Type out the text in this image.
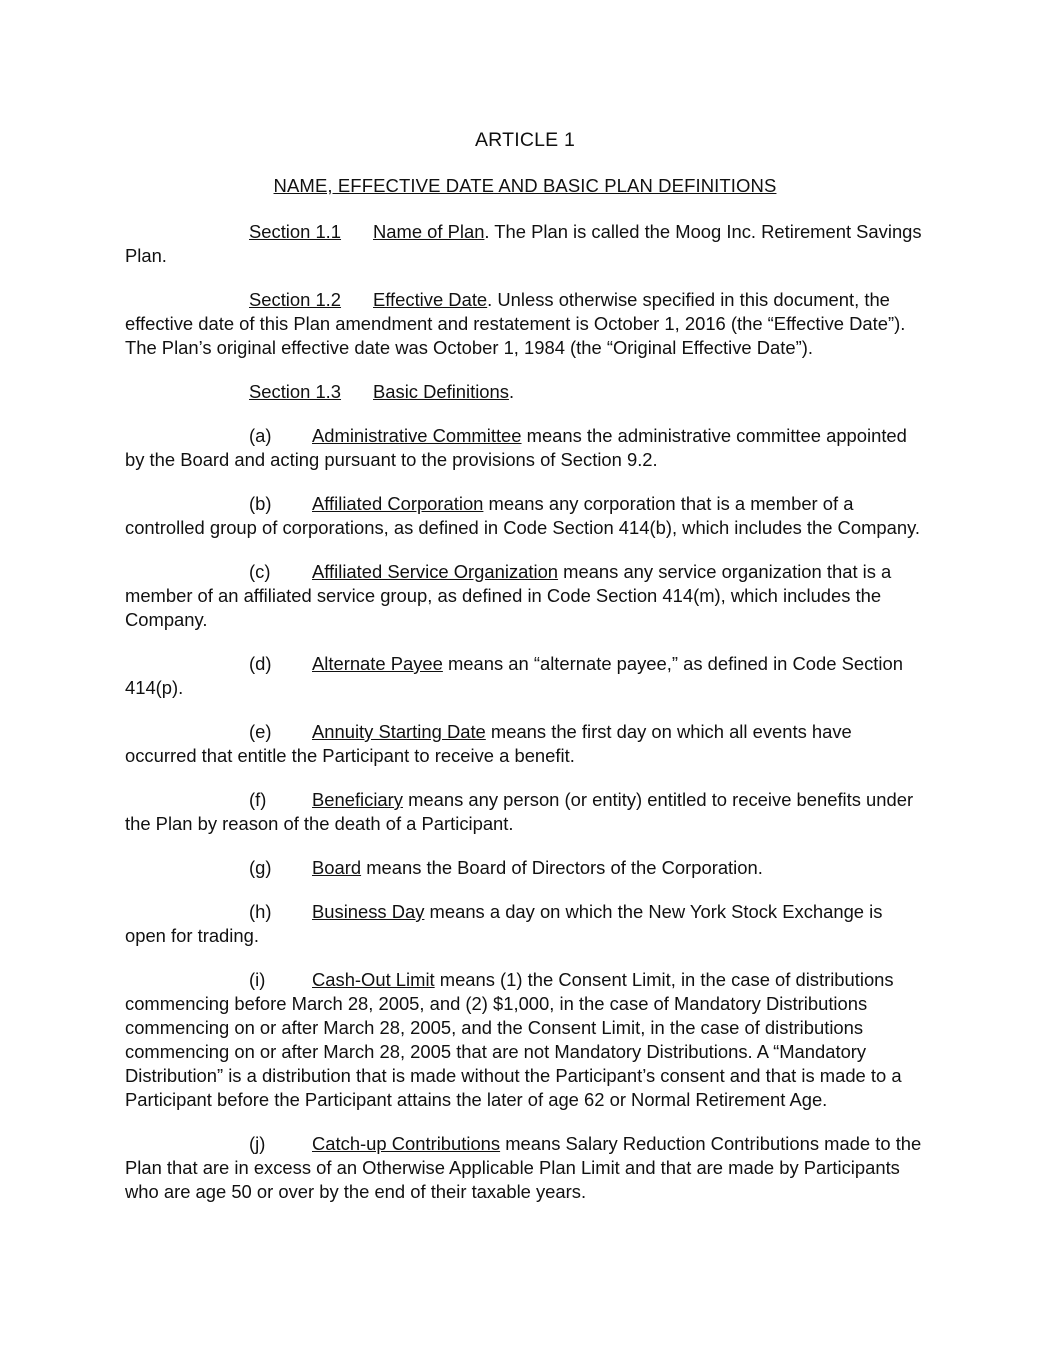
ARTICLE 1
NAME, EFFECTIVE DATE AND BASIC PLAN DEFINITIONS

Section 1.1 Name of Plan. The Plan is called the Moog Inc. Retirement Savings Plan.

Section 1.2 Effective Date. Unless otherwise specified in this document, the effective date of this Plan amendment and restatement is October 1, 2016 (the “Effective Date”). The Plan’s original effective date was October 1, 1984 (the “Original Effective Date”).

Section 1.3 Basic Definitions.

(a) Administrative Committee means the administrative committee appointed by the Board and acting pursuant to the provisions of Section 9.2.

(b) Affiliated Corporation means any corporation that is a member of a controlled group of corporations, as defined in Code Section 414(b), which includes the Company.

(c) Affiliated Service Organization means any service organization that is a member of an affiliated service group, as defined in Code Section 414(m), which includes the Company.

(d) Alternate Payee means an “alternate payee,” as defined in Code Section 414(p).

(e) Annuity Starting Date means the first day on which all events have occurred that entitle the Participant to receive a benefit.

(f) Beneficiary means any person (or entity) entitled to receive benefits under the Plan by reason of the death of a Participant.

(g) Board means the Board of Directors of the Corporation.

(h) Business Day means a day on which the New York Stock Exchange is open for trading.

(i)	Cash-Out Limit means (1) the Consent Limit, in the case of distributions commencing before March 28, 2005, and (2) $1,000, in the case of Mandatory Distributions commencing on or after March 28, 2005, and the Consent Limit, in the case of distributions commencing on or after March 28, 2005 that are not Mandatory Distributions. A “Mandatory Distribution” is a distribution that is made without the Participant’s consent and that is made to a Participant before the Participant attains the later of age 62 or Normal Retirement Age.

(j)	Catch-up Contributions means Salary Reduction Contributions made to the Plan that are in excess of an Otherwise Applicable Plan Limit and that are made by Participants who are age 50 or over by the end of their taxable years.
